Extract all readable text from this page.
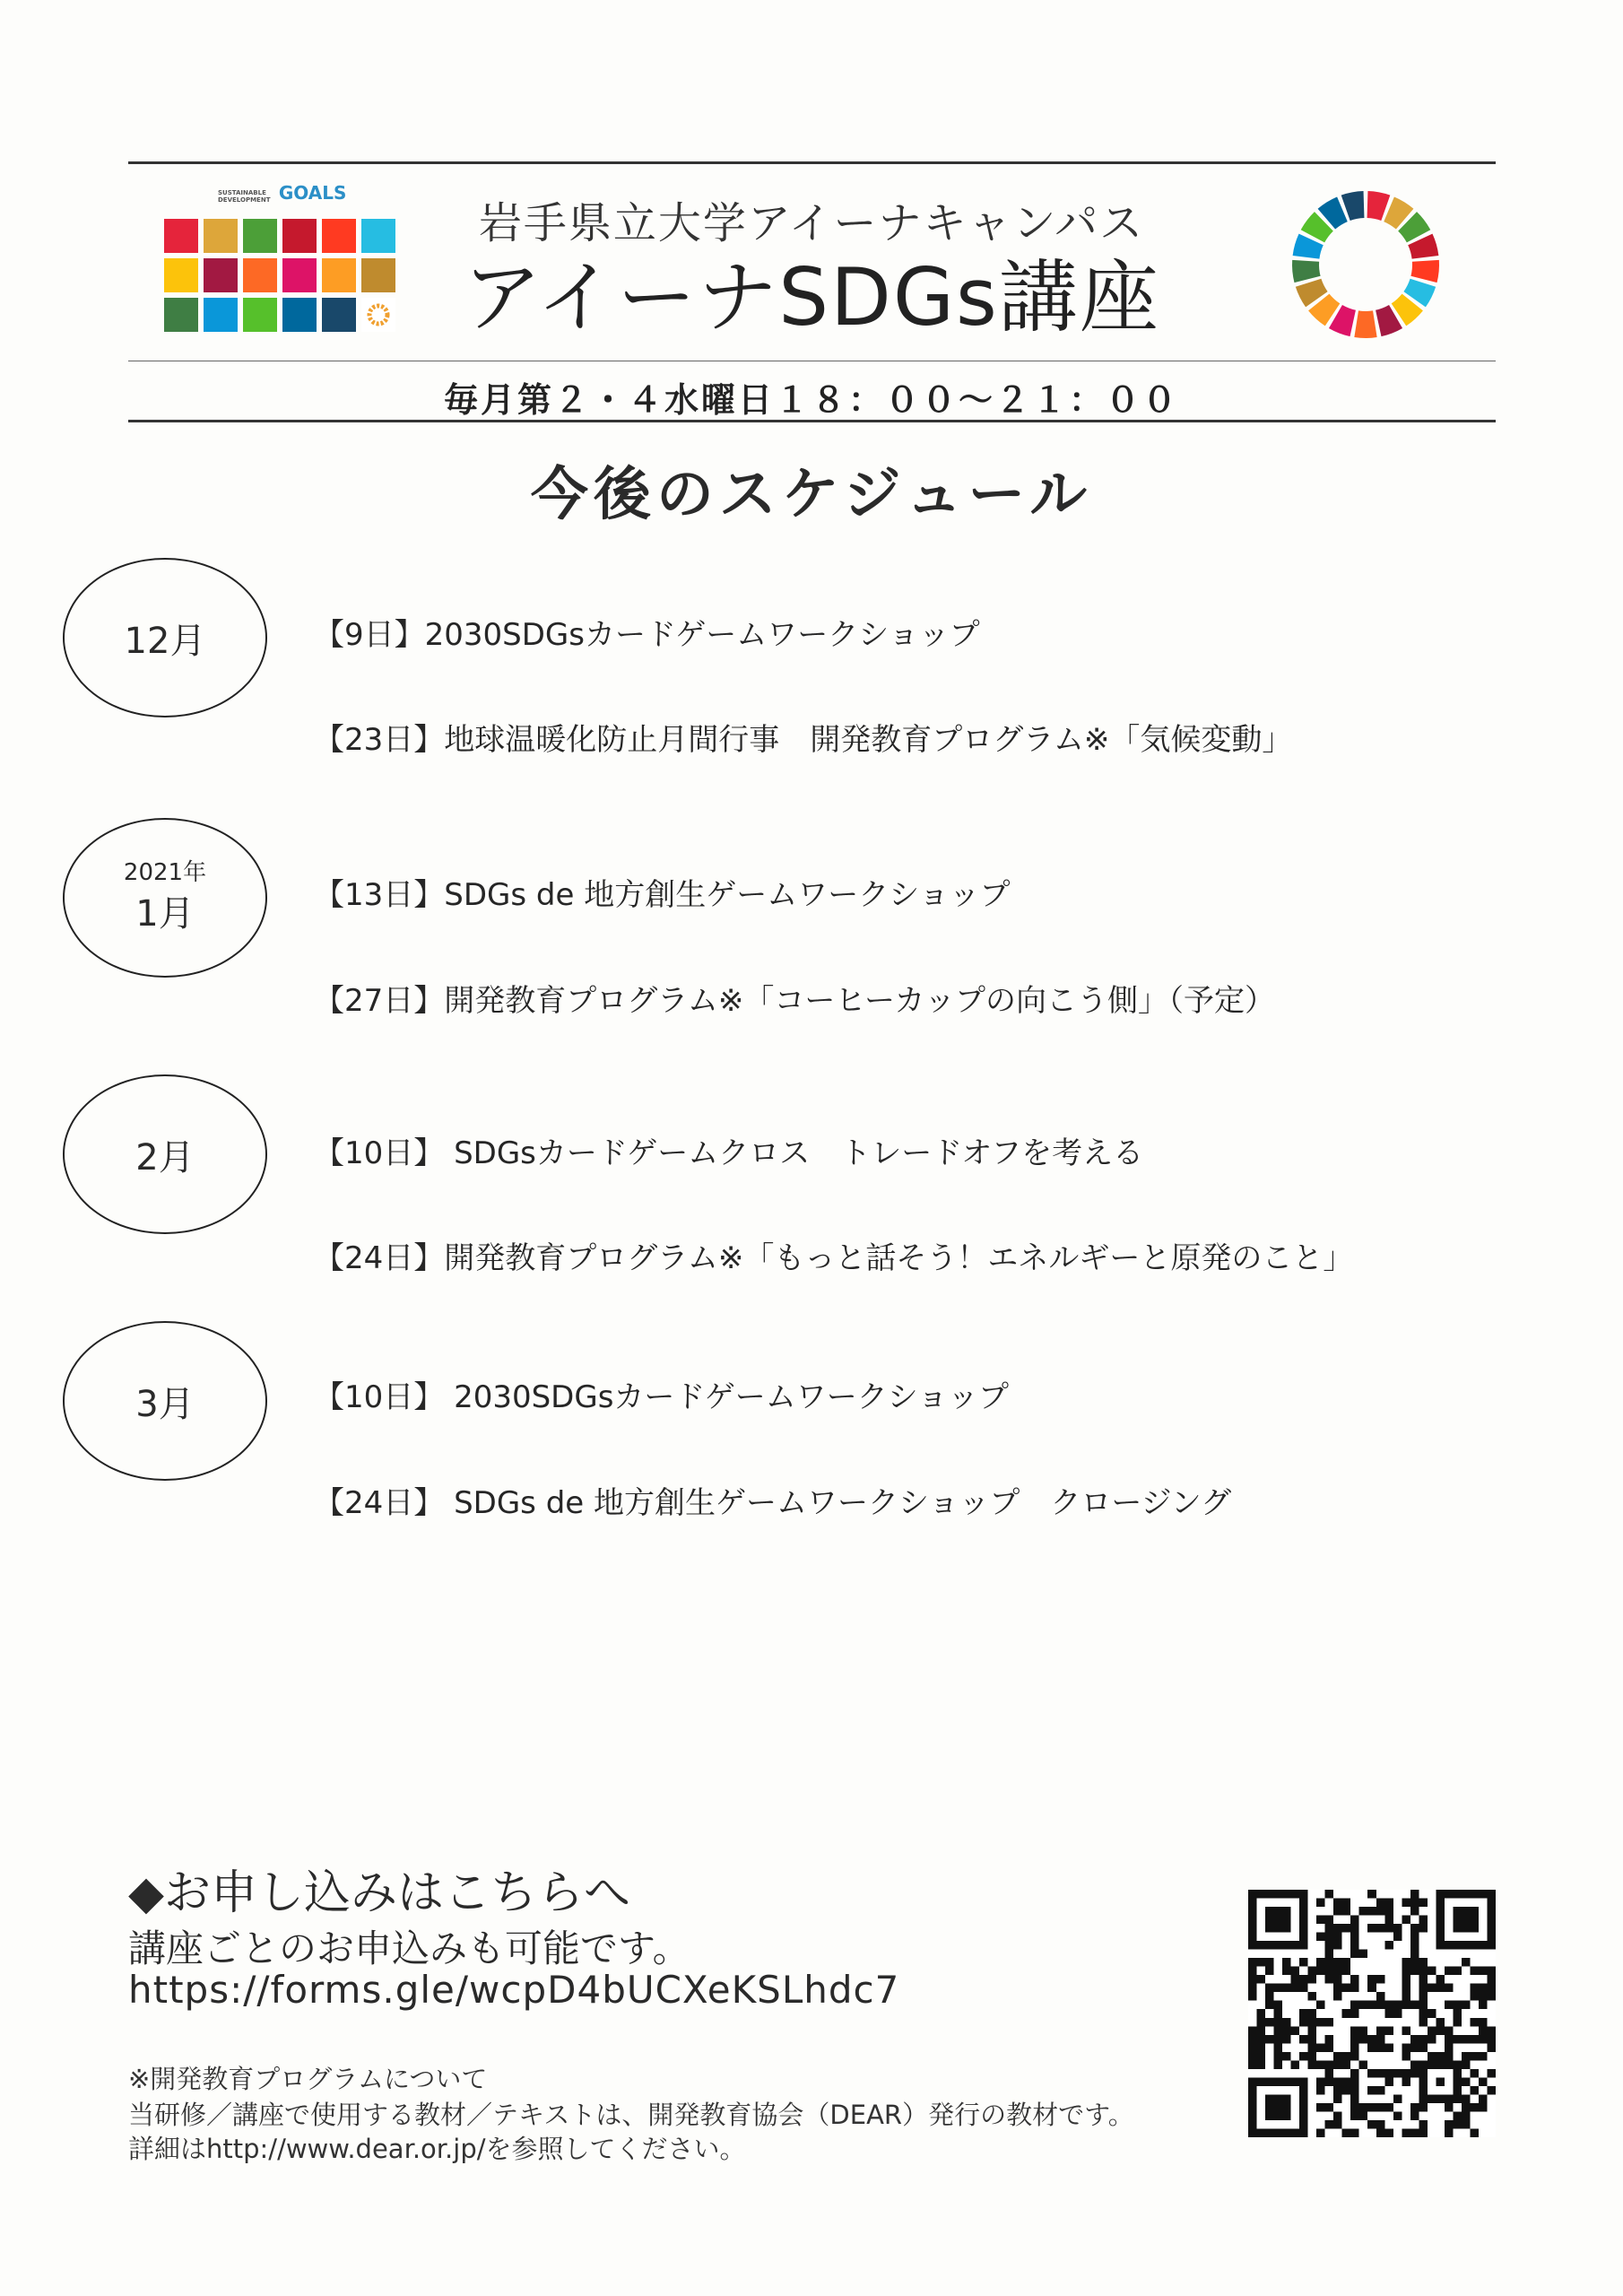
SUSTAINABLE DEVELOPMENT GOALS
岩手県立大学アイーナキャンパス
アイーナSDGs講座
毎月第２・４水曜日１８：００～２１：００
今後のスケジュール
12月	【9日】2030SDGsカードゲームワークショップ
【23日】地球温暖化防止月間行事　開発教育プログラム※「気候変動」
2021年
1月	【13日】SDGs de 地方創生ゲームワークショップ
【27日】開発教育プログラム※「コーヒーカップの向こう側」（予定）
2月	【10日】 SDGsカードゲームクロス　トレードオフを考える
【24日】開発教育プログラム※「もっと話そう！エネルギーと原発のこと」
3月	【10日】 2030SDGsカードゲームワークショップ
【24日】 SDGs de 地方創生ゲームワークショップ　クロージング
◆お申し込みはこちらへ
講座ごとのお申込みも可能です。
https://forms.gle/wcpD4bUCXeKSLhdc7
※開発教育プログラムについて
当研修／講座で使用する教材／テキストは、開発教育協会（DEAR）発行の教材です。
詳細はhttp://www.dear.or.jp/を参照してください。
